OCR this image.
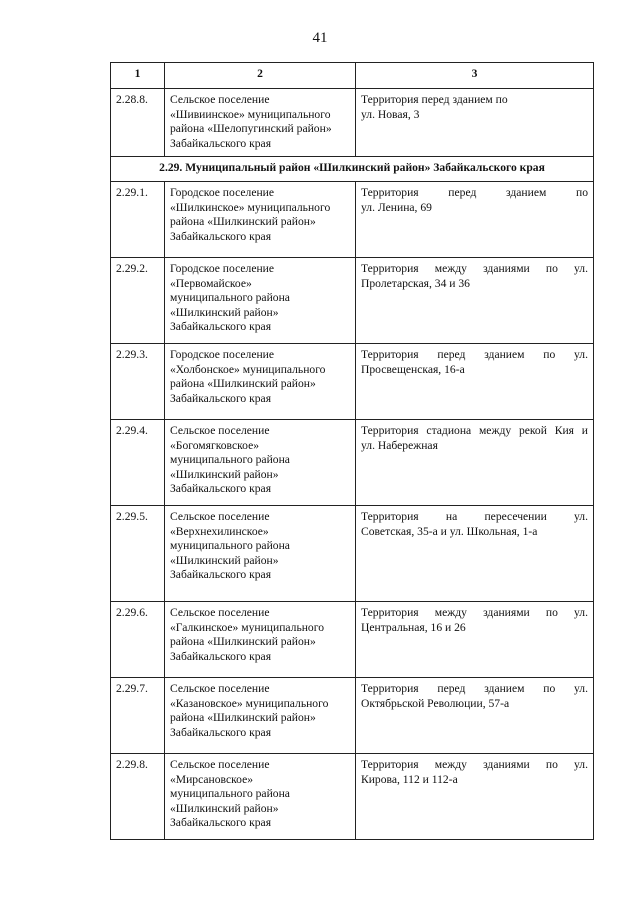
41
1	2	3
2.28.8.	Сельское поселение
«Шивиинское» муниципального
района «Шелопугинский район»
Забайкальского края	Территория перед зданием по
ул. Новая, 3

2.29. Муниципальный район «Шилкинский район» Забайкальского края		
2.29.1.	Городское поселение
«Шилкинское» муниципального
района «Шилкинский район»
Забайкальского края	Территория перед зданием по
ул. Ленина, 69

2.29.2.	Городское поселение
«Первомайское»
муниципального района
«Шилкинский район»
Забайкальского края	Территория между зданиями по ул.
Пролетарская, 34 и 36

2.29.3.	Городское поселение
«Холбонское» муниципального
района «Шилкинский район»
Забайкальского края	Территория перед зданием по ул.
Просвещенская, 16-а

2.29.4.	Сельское поселение
«Богомягковское»
муниципального района
«Шилкинский район»
Забайкальского края	Территория стадиона между рекой Кия и
ул. Набережная

2.29.5.	Сельское поселение
«Верхнехилинское»
муниципального района
«Шилкинский район»
Забайкальского края	Территория на пересечении ул.
Советская, 35-а и ул. Школьная, 1-а

2.29.6.	Сельское поселение
«Галкинское» муниципального
района «Шилкинский район»
Забайкальского края	Территория между зданиями по ул.
Центральная, 16 и 26

2.29.7.	Сельское поселение
«Казановское» муниципального
района «Шилкинский район»
Забайкальского края	Территория перед зданием по ул.
Октябрьской Революции, 57-а

2.29.8.	Сельское поселение
«Мирсановское»
муниципального района
«Шилкинский район»
Забайкальского края	Территория между зданиями по ул.
Кирова, 112 и 112-а
